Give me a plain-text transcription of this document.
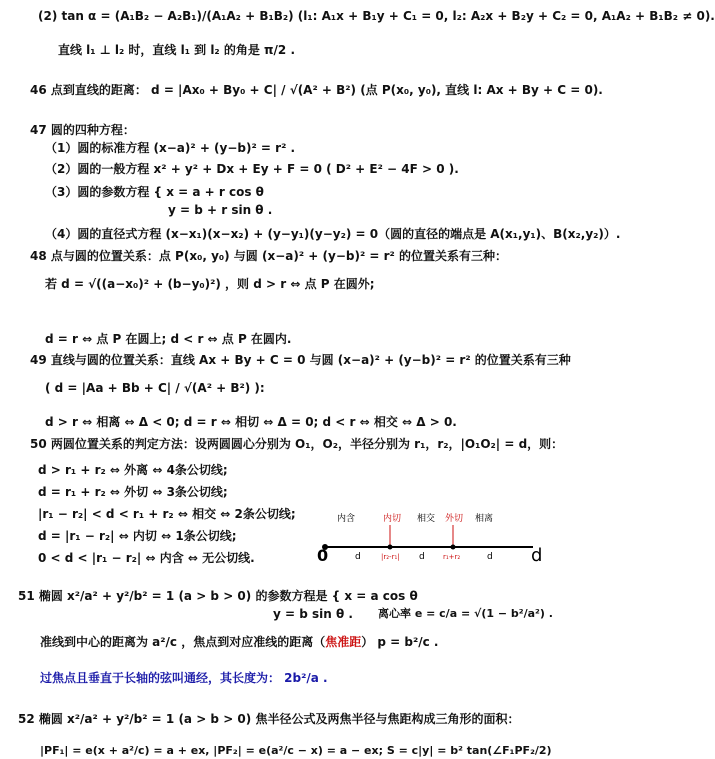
(2) tan α = (A₁B₂ − A₂B₁)/(A₁A₂ + B₁B₂) (l₁: A₁x + B₁y + C₁ = 0, l₂: A₂x + B₂y + C₂ = 0, A₁A₂ + B₁B₂ ≠ 0).
直线 l₁ ⊥ l₂ 时，直线 l₁ 到 l₂ 的角是 π/2 .
46 点到直线的距离： d = |Ax₀ + By₀ + C| / √(A² + B²) (点 P(x₀, y₀), 直线 l: Ax + By + C = 0).
47 圆的四种方程：
（1）圆的标准方程 (x−a)² + (y−b)² = r² .
（2）圆的一般方程 x² + y² + Dx + Ey + F = 0 ( D² + E² − 4F > 0 ).
（3）圆的参数方程 { x = a + r cos θ
y = b + r sin θ .
（4）圆的直径式方程 (x−x₁)(x−x₂) + (y−y₁)(y−y₂) = 0（圆的直径的端点是 A(x₁,y₁)、B(x₂,y₂)）.
48 点与圆的位置关系：点 P(x₀, y₀) 与圆 (x−a)² + (y−b)² = r² 的位置关系有三种：
若 d = √((a−x₀)² + (b−y₀)²) ，则 d > r ⇔ 点 P 在圆外;
d = r ⇔ 点 P 在圆上; d < r ⇔ 点 P 在圆内.
49 直线与圆的位置关系：直线 Ax + By + C = 0 与圆 (x−a)² + (y−b)² = r² 的位置关系有三种
( d = |Aa + Bb + C| / √(A² + B²) ):
d > r ⇔ 相离 ⇔ Δ < 0; d = r ⇔ 相切 ⇔ Δ = 0; d < r ⇔ 相交 ⇔ Δ > 0.
50 两圆位置关系的判定方法：设两圆圆心分别为 O₁，O₂，半径分别为 r₁，r₂，|O₁O₂| = d，则：
d > r₁ + r₂ ⇔ 外离 ⇔ 4条公切线;
d = r₁ + r₂ ⇔ 外切 ⇔ 3条公切线;
|r₁ − r₂| < d < r₁ + r₂ ⇔ 相交 ⇔ 2条公切线;
d = |r₁ − r₂| ⇔ 内切 ⇔ 1条公切线;
0 < d < |r₁ − r₂| ⇔ 内含 ⇔ 无公切线.
内含	内切 相交 外切 相离
0	d
d	|r₂-r₁| d	r₁+r₂	d
51 椭圆 x²/a² + y²/b² = 1 (a > b > 0) 的参数方程是 { x = a cos θ
y = b sin θ . 离心率 e = c/a = √(1 − b²/a²) .
准线到中心的距离为 a²/c ，焦点到对应准线的距离（焦准距） p = b²/c .
过焦点且垂直于长轴的弦叫通经，其长度为： 2b²/a .
52 椭圆 x²/a² + y²/b² = 1 (a > b > 0) 焦半径公式及两焦半径与焦距构成三角形的面积：
|PF₁| = e(x + a²/c) = a + ex, |PF₂| = e(a²/c − x) = a − ex; S = c|y| = b² tan(∠F₁PF₂/2)
